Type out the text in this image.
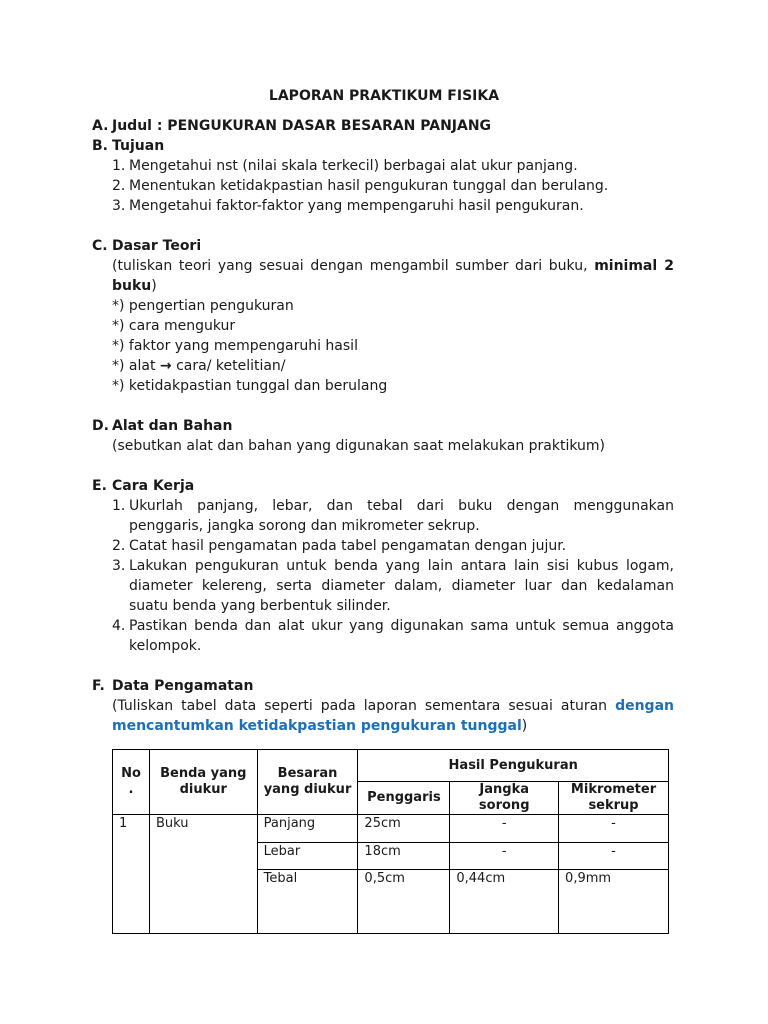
LAPORAN PRAKTIKUM FISIKA
A. Judul : PENGUKURAN DASAR BESARAN PANJANG
B. Tujuan
1. Mengetahui nst (nilai skala terkecil) berbagai alat ukur panjang.
2. Menentukan ketidakpastian hasil pengukuran tunggal dan berulang.
3. Mengetahui faktor-faktor yang mempengaruhi hasil pengukuran.
C. Dasar Teori
(tuliskan teori yang sesuai dengan mengambil sumber dari buku, minimal 2 buku)
*) pengertian pengukuran
*) cara mengukur
*) faktor yang mempengaruhi hasil
*) alat → cara/ ketelitian/
*) ketidakpastian tunggal dan berulang
D. Alat dan Bahan
(sebutkan alat dan bahan yang digunakan saat melakukan praktikum)
E. Cara Kerja
1. Ukurlah panjang, lebar, dan tebal dari buku dengan menggunakan penggaris, jangka sorong dan mikrometer sekrup.
2. Catat hasil pengamatan pada tabel pengamatan dengan jujur.
3. Lakukan pengukuran untuk benda yang lain antara lain sisi kubus logam, diameter kelereng, serta diameter dalam, diameter luar dan kedalaman suatu benda yang berbentuk silinder.
4. Pastikan benda dan alat ukur yang digunakan sama untuk semua anggota kelompok.
F. Data Pengamatan
(Tuliskan tabel data seperti pada laporan sementara sesuai aturan dengan mencantumkan ketidakpastian pengukuran tunggal)
No .	Benda yang diukur	Besaran yang diukur	Hasil Pengukuran		
			Penggaris	Jangka sorong	Mikrometer sekrup
1	Buku	Panjang	25cm	-	-
		Lebar	18cm	-	-
		Tebal	0,5cm	0,44cm	0,9mm
